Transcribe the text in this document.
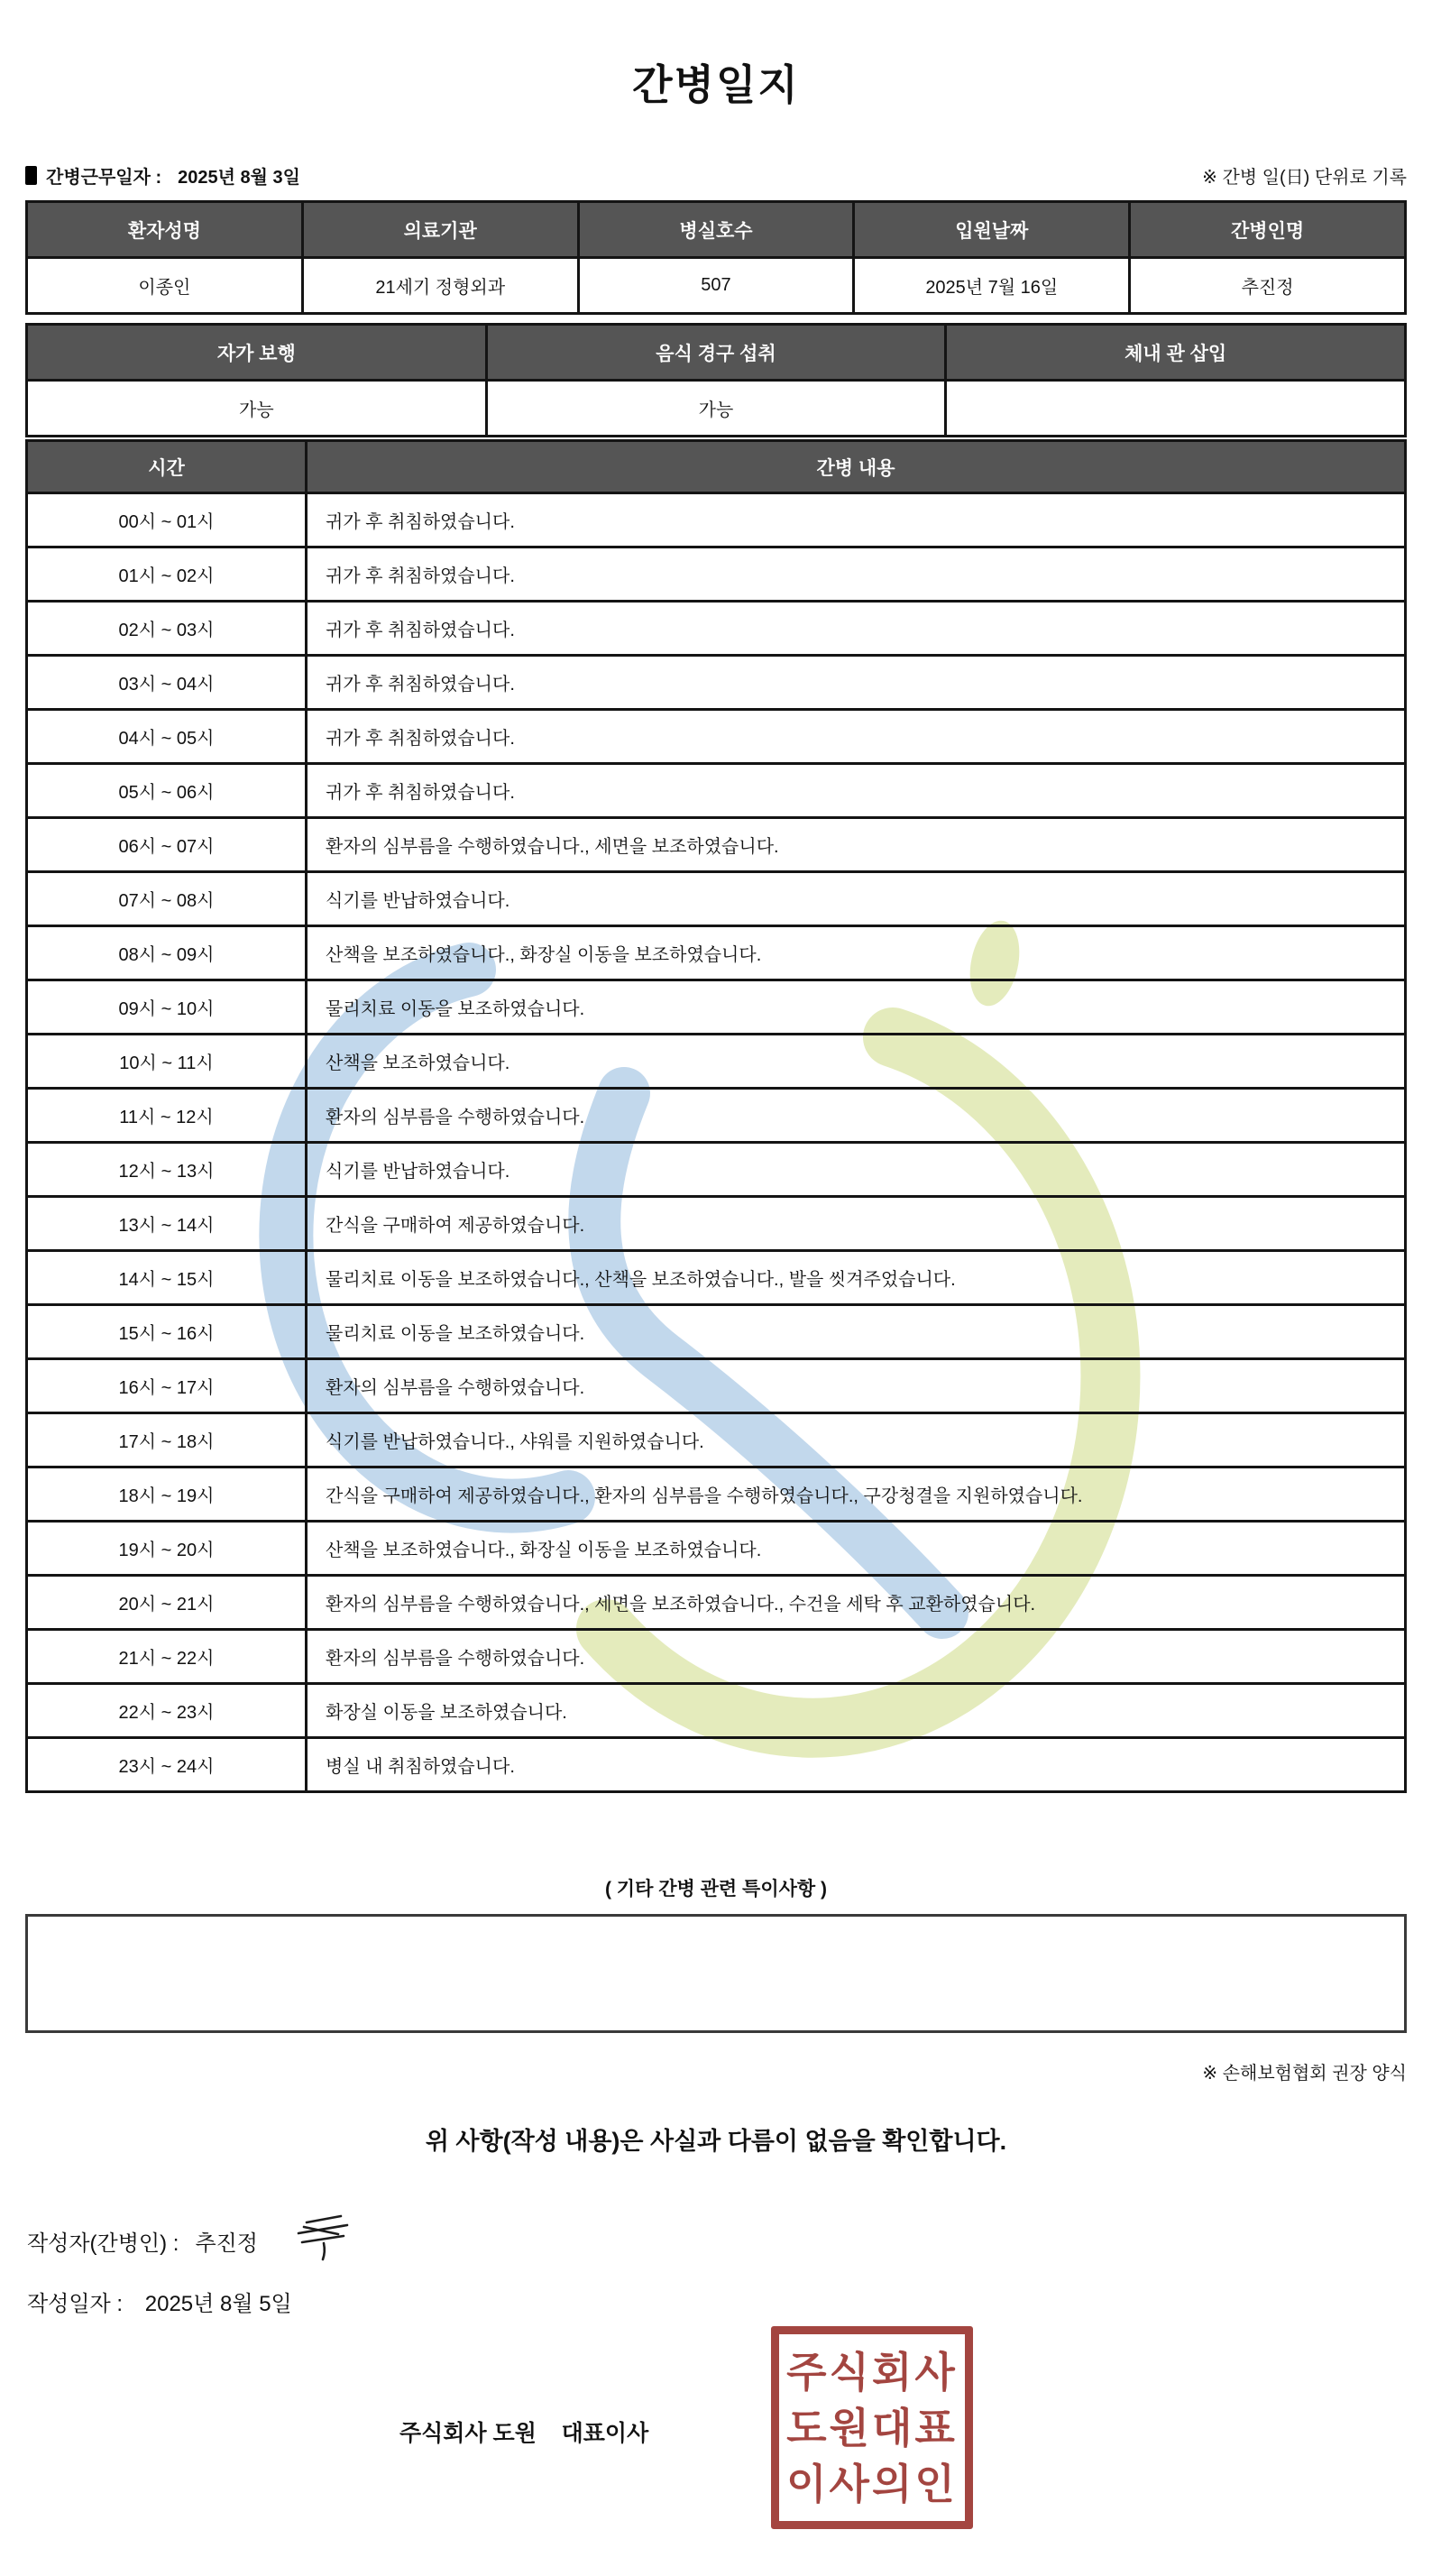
간병일지
간병근무일자 : 2025년 8월 3일	※ 간병 일(日) 단위로 기록
환자성명	의료기관	병실호수	입원날짜	간병인명
이종인	21세기 정형외과	507	2025년 7월 16일	추진정
자가 보행	음식 경구 섭취	체내 관 삽입
가능	가능	
시간	간병 내용
00시 ~ 01시	귀가 후 취침하였습니다.
01시 ~ 02시	귀가 후 취침하였습니다.
02시 ~ 03시	귀가 후 취침하였습니다.
03시 ~ 04시	귀가 후 취침하였습니다.
04시 ~ 05시	귀가 후 취침하였습니다.
05시 ~ 06시	귀가 후 취침하였습니다.
06시 ~ 07시	환자의 심부름을 수행하였습니다., 세면을 보조하였습니다.
07시 ~ 08시	식기를 반납하였습니다.
08시 ~ 09시	산책을 보조하였습니다., 화장실 이동을 보조하였습니다.
09시 ~ 10시	물리치료 이동을 보조하였습니다.
10시 ~ 11시	산책을 보조하였습니다.
11시 ~ 12시	환자의 심부름을 수행하였습니다.
12시 ~ 13시	식기를 반납하였습니다.
13시 ~ 14시	간식을 구매하여 제공하였습니다.
14시 ~ 15시	물리치료 이동을 보조하였습니다., 산책을 보조하였습니다., 발을 씻겨주었습니다.
15시 ~ 16시	물리치료 이동을 보조하였습니다.
16시 ~ 17시	환자의 심부름을 수행하였습니다.
17시 ~ 18시	식기를 반납하였습니다., 샤워를 지원하였습니다.
18시 ~ 19시	간식을 구매하여 제공하였습니다., 환자의 심부름을 수행하였습니다., 구강청결을 지원하였습니다.
19시 ~ 20시	산책을 보조하였습니다., 화장실 이동을 보조하였습니다.
20시 ~ 21시	환자의 심부름을 수행하였습니다., 세면을 보조하였습니다., 수건을 세탁 후 교환하였습니다.
21시 ~ 22시	환자의 심부름을 수행하였습니다.
22시 ~ 23시	화장실 이동을 보조하였습니다.
23시 ~ 24시	병실 내 취침하였습니다.
( 기타 간병 관련 특이사항 )
※ 손해보험협회 권장 양식
위 사항(작성 내용)은 사실과 다름이 없음을 확인합니다.
작성자(간병인) : 추진정
작성일자 : 2025년 8월 5일
주식회사 도원    대표이사
주식회사
도원대표
이사의인
